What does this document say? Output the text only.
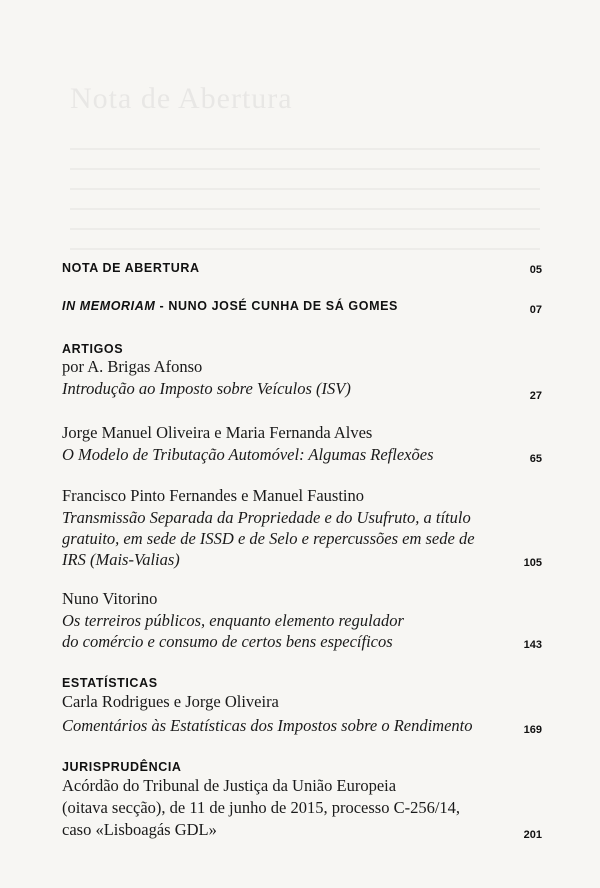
Nota de Abertura
NOTA DE ABERTURA	05
IN MEMORIAM - NUNO JOSÉ CUNHA DE SÁ GOMES	07
ARTIGOS
por A. Brigas Afonso
Introdução ao Imposto sobre Veículos (ISV)	27
Jorge Manuel Oliveira e Maria Fernanda Alves
O Modelo de Tributação Automóvel: Algumas Reflexões	65
Francisco Pinto Fernandes e Manuel Faustino
Transmissão Separada da Propriedade e do Usufruto, a título
gratuito, em sede de ISSD e de Selo e repercussões em sede de
IRS (Mais-Valias)	105
Nuno Vitorino
Os terreiros públicos, enquanto elemento regulador
do comércio e consumo de certos bens específicos	143
ESTATÍSTICAS
Carla Rodrigues e Jorge Oliveira
Comentários às Estatísticas dos Impostos sobre o Rendimento	169
JURISPRUDÊNCIA
Acórdão do Tribunal de Justiça da União Europeia
(oitava secção), de 11 de junho de 2015, processo C-256/14,
caso «Lisboagás GDL»	201
